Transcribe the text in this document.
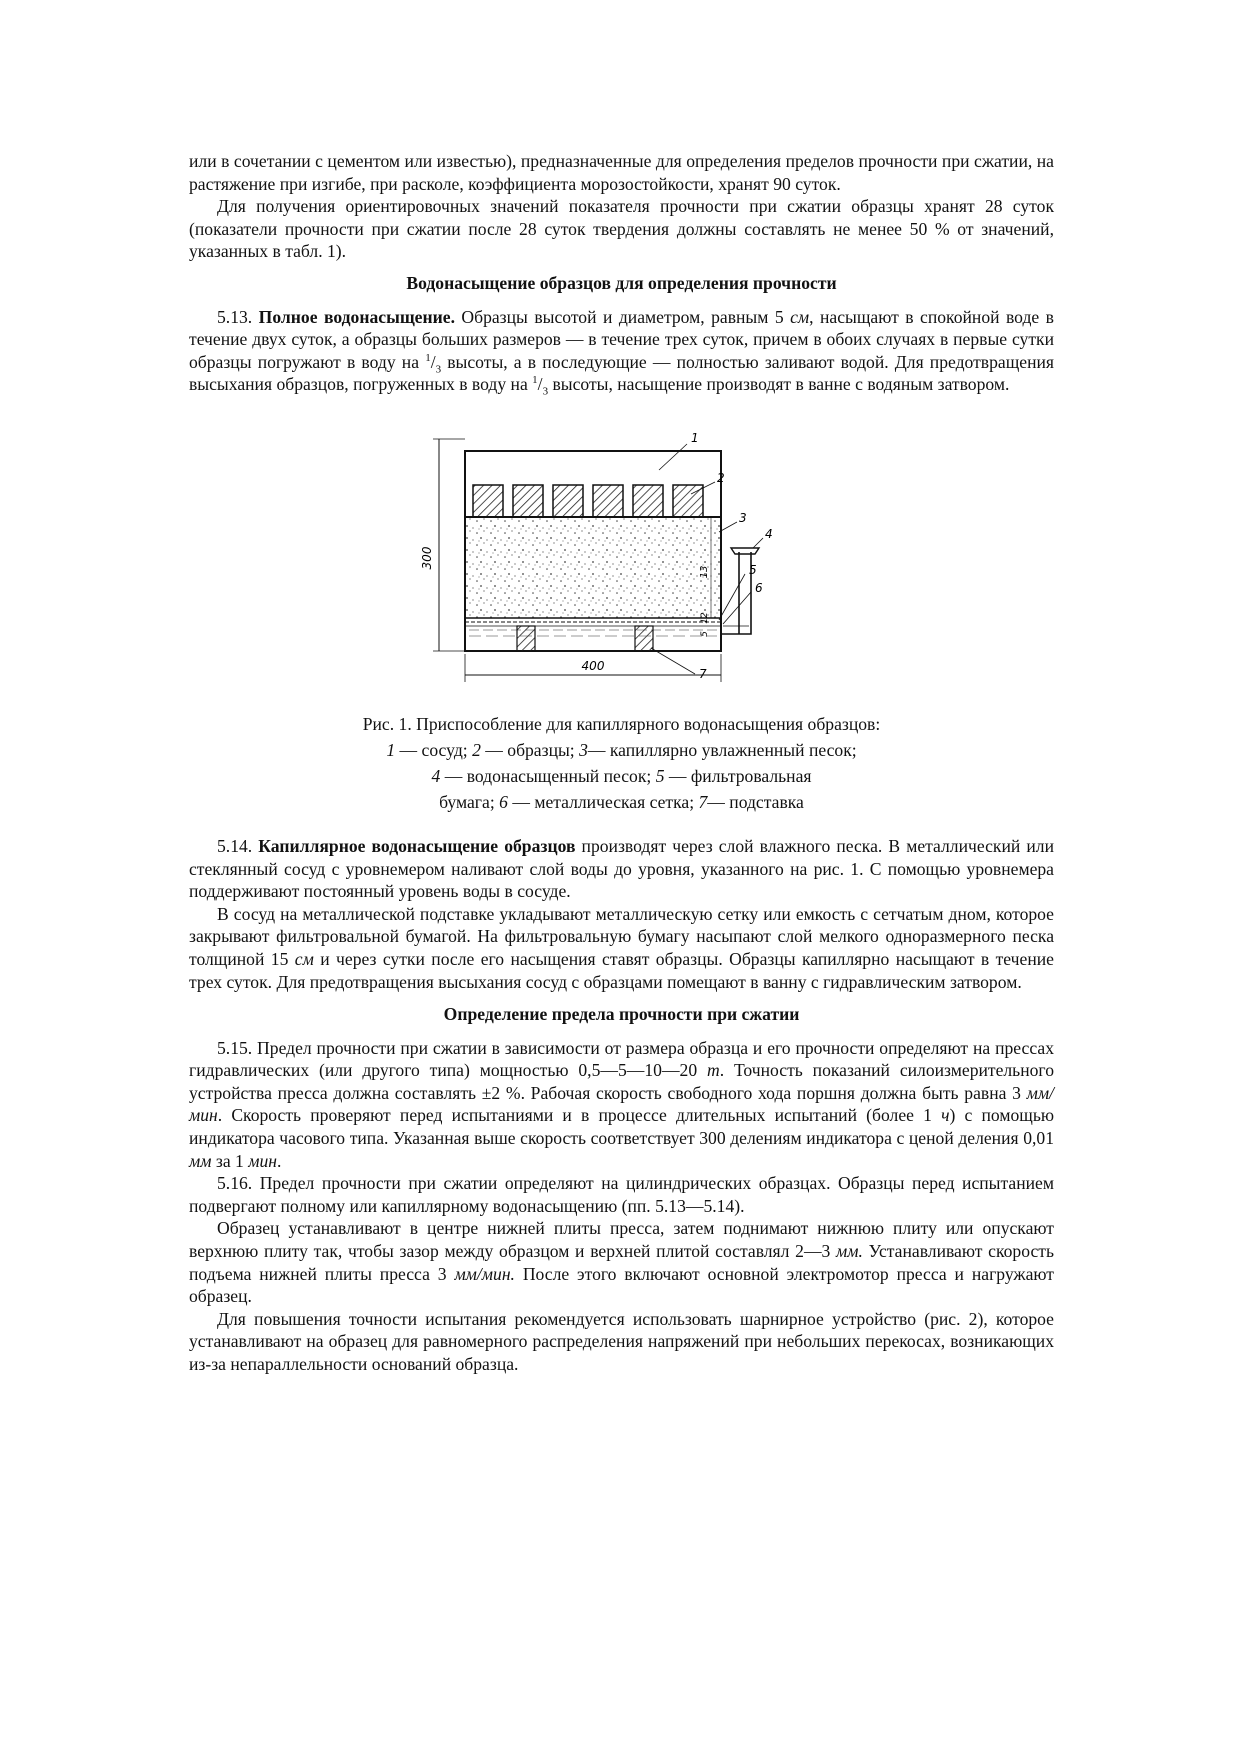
или в сочетании с цементом или известью), предназначенные для определения пределов прочности при сжатии, на растяжение при изгибе, при расколе, коэффициента морозостойкости, хранят 90 суток.

Для получения ориентировочных значений показателя прочности при сжатии образцы хранят 28 суток (показатели прочности при сжатии после 28 суток твердения должны составлять не менее 50 % от значений, указанных в табл. 1).

Водонасыщение образцов для определения прочности

5.13. Полное водонасыщение. Образцы высотой и диаметром, равным 5 см, насыщают в спокойной воде в течение двух суток, а образцы больших размеров — в течение трех суток, причем в обоих случаях в первые сутки образцы погружают в воду на $^1/_3$ высоты, а в последующие — полностью заливают водой. Для предотвращения высыхания образцов, погруженных в воду на $^1/_3$ высоты, насыщение производят в ванне с водяным затвором.

300
400
13
12
5
1
2
3
4
5
6
7
Рис. 1. Приспособление для капиллярного водонасыщения образцов:
1 — сосуд; 2 — образцы; 3— капиллярно увлажненный песок;
4 — водонасыщенный песок; 5 — фильтровальная
бумага; 6 — металлическая сетка; 7— подставка

5.14. Капиллярное водонасыщение образцов производят через слой влажного песка. В металлический или стеклянный сосуд с уровнемером наливают слой воды до уровня, указанного на рис. 1. С помощью уровнемера поддерживают постоянный уровень воды в сосуде.

В сосуд на металлической подставке укладывают металлическую сетку или емкость с сетчатым дном, которое закрывают фильтровальной бумагой. На фильтровальную бумагу насыпают слой мелкого одноразмерного песка толщиной 15 см и через сутки после его насыщения ставят образцы. Образцы капиллярно насыщают в течение трех суток. Для предотвращения высыхания сосуд с образцами помещают в ванну с гидравлическим затвором.

Определение предела прочности при сжатии

5.15. Предел прочности при сжатии в зависимости от размера образца и его прочности определяют на прессах гидравлических (или другого типа) мощностью 0,5—5—10—20 т. Точность показаний силоизмерительного устройства пресса должна составлять ±2 %. Рабочая скорость свободного хода поршня должна быть равна 3 мм/мин. Скорость проверяют перед испытаниями и в процессе длительных испытаний (более 1 ч) с помощью индикатора часового типа. Указанная выше скорость соответствует 300 делениям индикатора с ценой деления 0,01 мм за 1 мин.

5.16. Предел прочности при сжатии определяют на цилиндрических образцах. Образцы перед испытанием подвергают полному или капиллярному водонасыщению (пп. 5.13—5.14).

Образец устанавливают в центре нижней плиты пресса, затем поднимают нижнюю плиту или опускают верхнюю плиту так, чтобы зазор между образцом и верхней плитой составлял 2—3 мм. Устанавливают скорость подъема нижней плиты пресса 3 мм/мин. После этого включают основной электромотор пресса и нагружают образец.

Для повышения точности испытания рекомендуется использовать шарнирное устройство (рис. 2), которое устанавливают на образец для равномерного распределения напряжений при небольших перекосах, возникающих из-за непараллельности оснований образца.
